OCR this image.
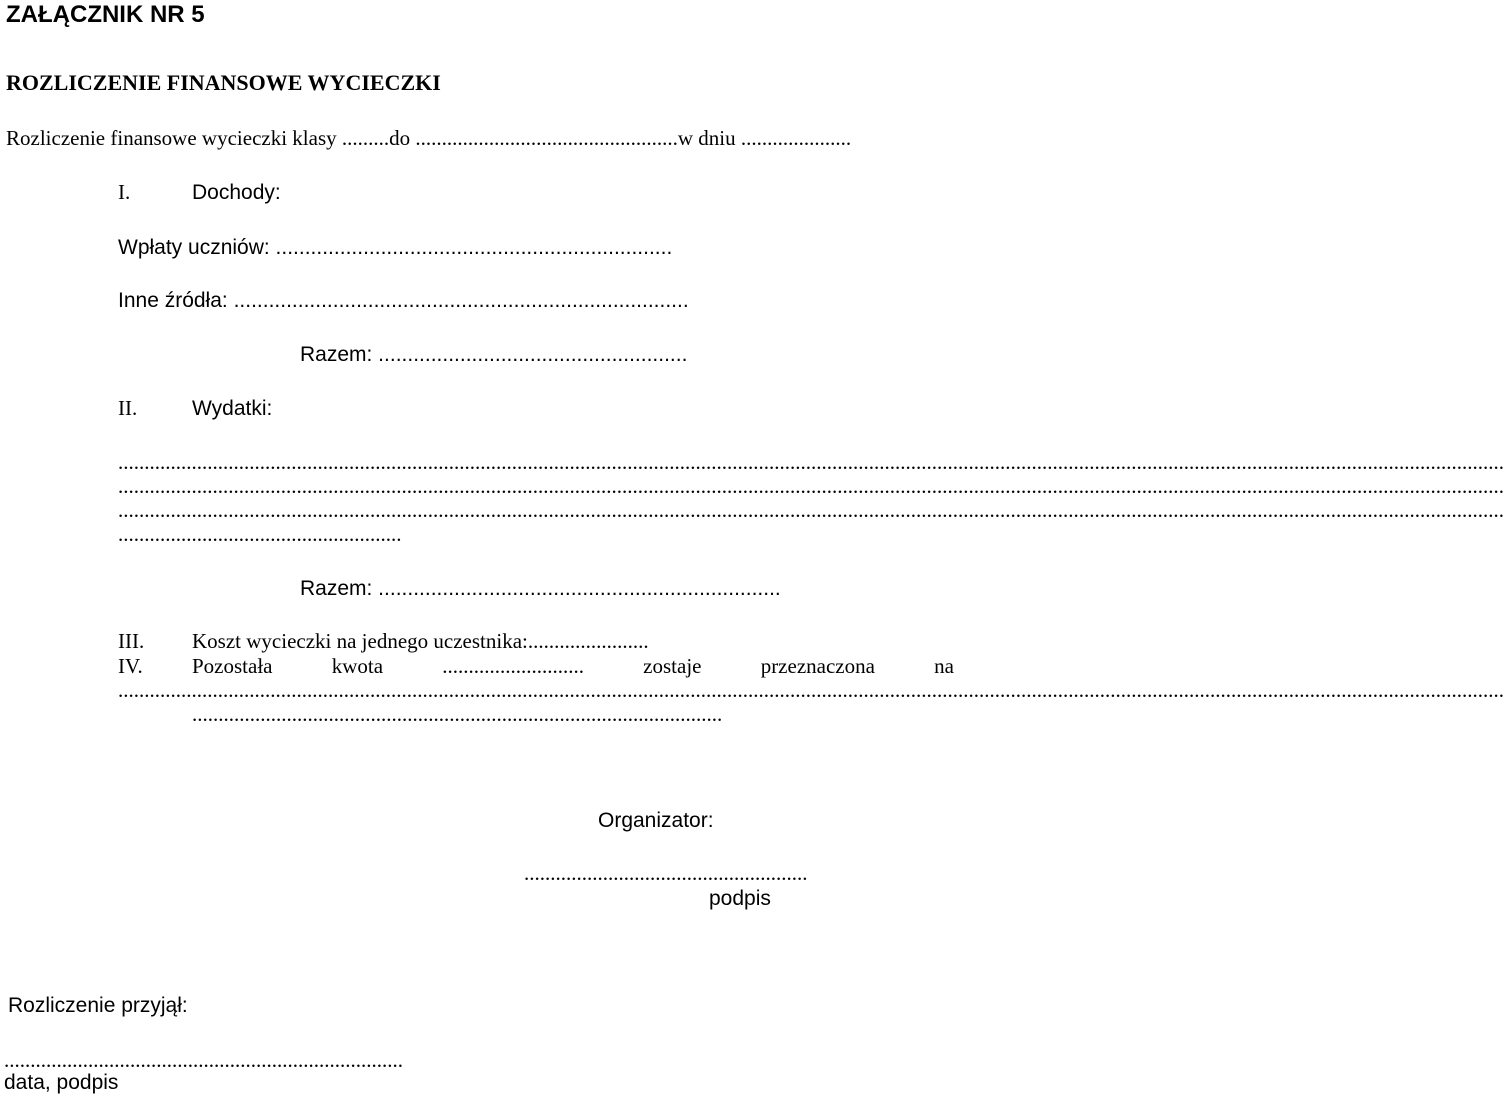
ZAŁĄCZNIK NR 5
ROZLICZENIE FINANSOWE WYCIECZKI
Rozliczenie finansowe wycieczki klasy .........do ..................................................w dniu .....................
I.	Dochody:
Wpłaty uczniów: ....................................................................
Inne źródła: ..............................................................................
Razem: .....................................................
II.	Wydatki:
........................................................................................................................................................................................................................................................................
........................................................................................................................................................................................................................................................................
........................................................................................................................................................................................................................................................................
......................................................
Razem: .....................................................................
III. Koszt wycieczki na jednego uczestnika:.......................
IV. Pozostała	kwota	...........................	zostaje	przeznaczona	na
........................................................................................................................................................................................................................................................................
.....................................................................................................
Organizator:
......................................................
podpis
Rozliczenie przyjął:
............................................................................
data, podpis
